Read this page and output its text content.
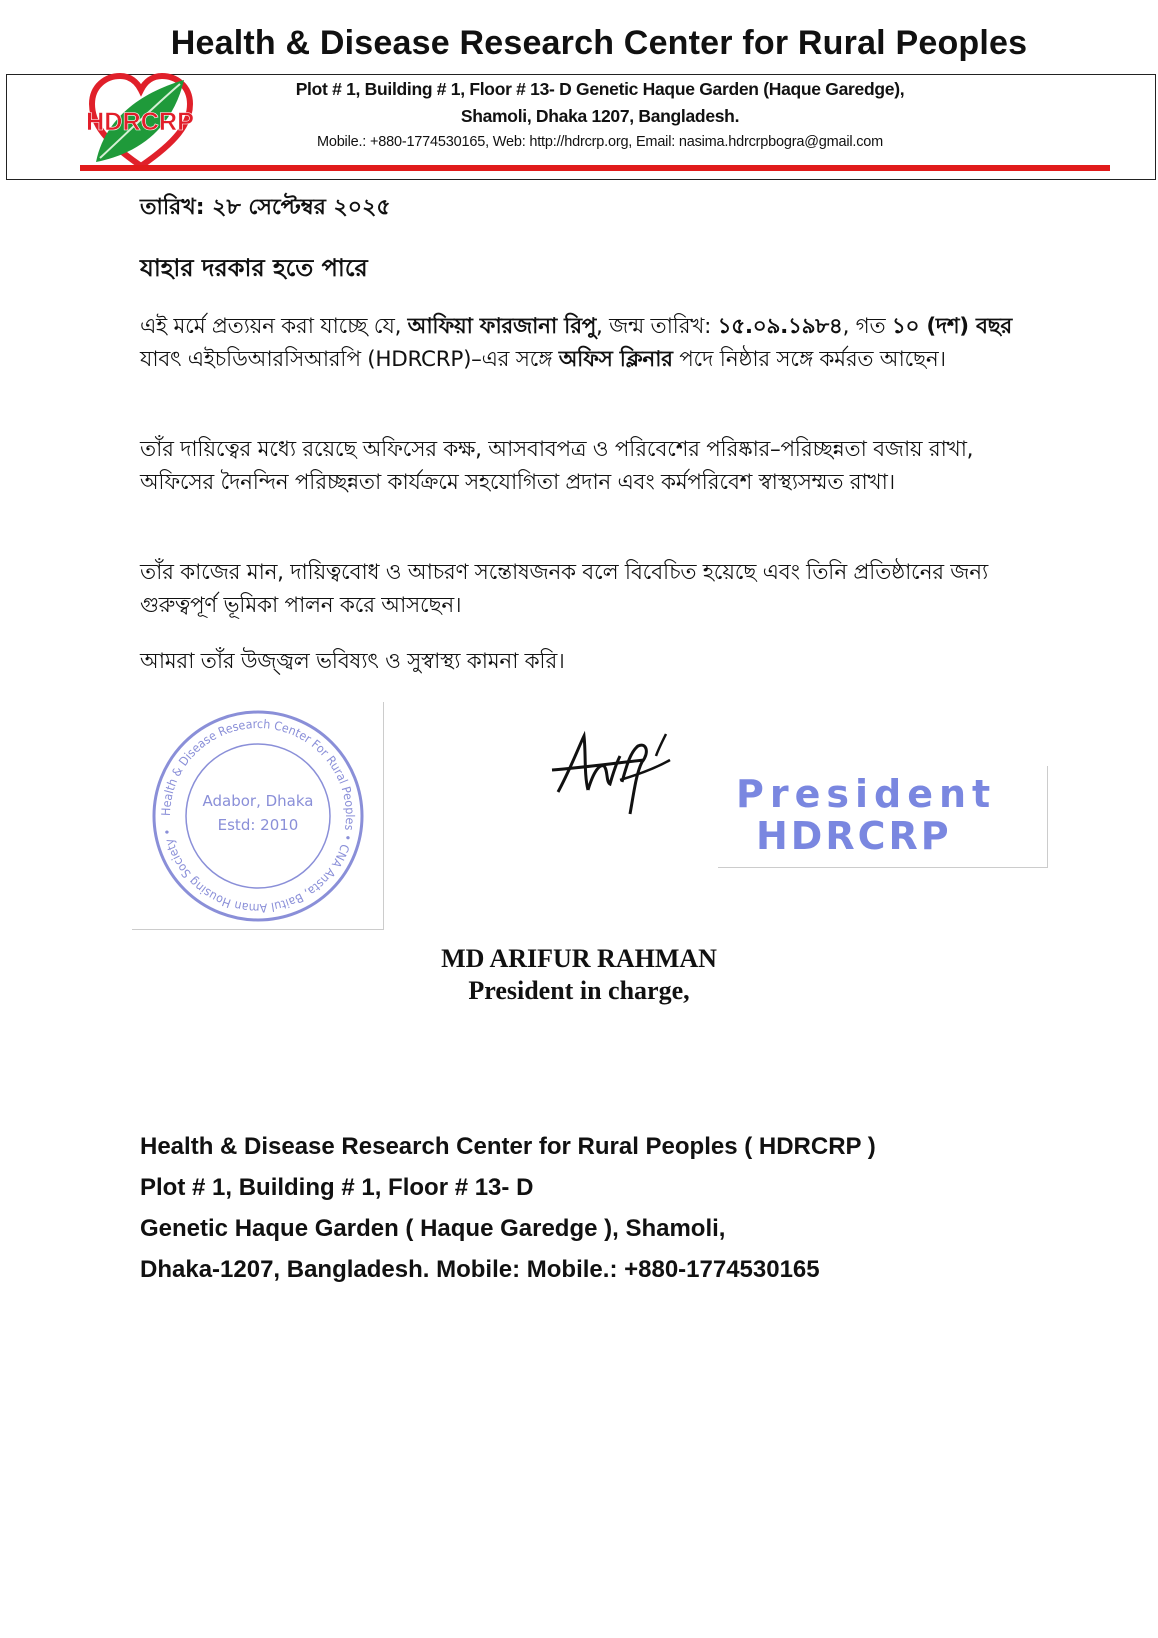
Health & Disease Research Center for Rural Peoples
HDRCRP
Plot # 1, Building # 1, Floor # 13- D Genetic Haque Garden (Haque Garedge),
Shamoli, Dhaka 1207, Bangladesh.
Mobile.: +880-1774530165, Web: http://hdrcrp.org, Email: nasima.hdrcrpbogra@gmail.com
তারিখ: ২৮ সেপ্টেম্বর ২০২৫
যাহার দরকার হতে পারে
এই মর্মে প্রত্যয়ন করা যাচ্ছে যে, আফিয়া ফারজানা রিপু, জন্ম তারিখ: ১৫.০৯.১৯৮৪, গত ১০ (দশ) বছর যাবৎ এইচডিআরসিআরপি (HDRCRP)–এর সঙ্গে অফিস ক্লিনার পদে নিষ্ঠার সঙ্গে কর্মরত আছেন।
তাঁর দায়িত্বের মধ্যে রয়েছে অফিসের কক্ষ, আসবাবপত্র ও পরিবেশের পরিষ্কার–পরিচ্ছন্নতা বজায় রাখা, অফিসের দৈনন্দিন পরিচ্ছন্নতা কার্যক্রমে সহযোগিতা প্রদান এবং কর্মপরিবেশ স্বাস্থ্যসম্মত রাখা।
তাঁর কাজের মান, দায়িত্ববোধ ও আচরণ সন্তোষজনক বলে বিবেচিত হয়েছে এবং তিনি প্রতিষ্ঠানের জন্য গুরুত্বপূর্ণ ভূমিকা পালন করে আসছেন।
আমরা তাঁর উজ্জ্বল ভবিষ্যৎ ও সুস্বাস্থ্য কামনা করি।
Health & Disease Research Center For Rural Peoples • CNA Ansta, Baitul Aman Housing Society •
Adabor, Dhaka
Estd: 2010
President
HDRCRP
MD ARIFUR RAHMAN
President in charge,
Health & Disease Research Center for Rural Peoples ( HDRCRP )
Plot # 1, Building # 1, Floor # 13- D
Genetic Haque Garden ( Haque Garedge ), Shamoli,
Dhaka-1207, Bangladesh. Mobile: Mobile.: +880-1774530165
